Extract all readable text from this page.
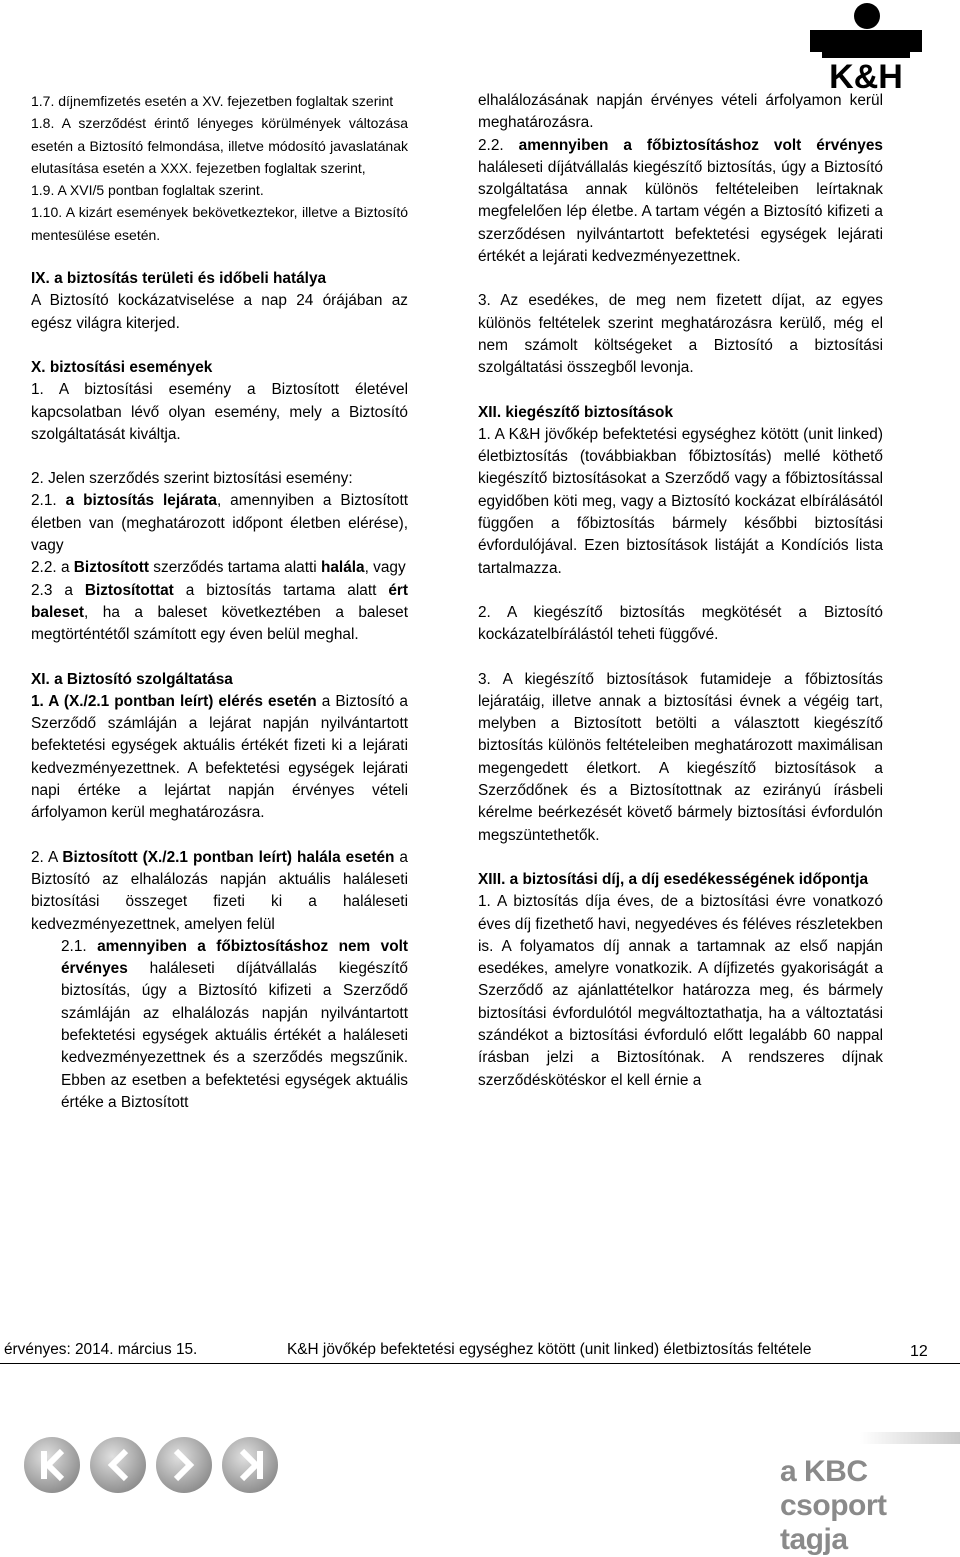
K&H

1.7. díjnemfizetés esetén a XV. fejezetben foglaltak szerint

1.8. A szerződést érintő lényeges körülmények változása esetén a Biztosító felmondása, illetve módosító javaslatának elutasítása esetén a XXX. fejezetben foglaltak szerint,

1.9. A XVI/5 pontban foglaltak szerint.

1.10. A kizárt események bekövetkeztekor, illetve a Biztosító mentesülése esetén.

IX. a biztosítás területi és időbeli hatálya

A Biztosító kockázatviselése a nap 24 órájában az egész világra kiterjed.

X. biztosítási események

1. A biztosítási esemény a Biztosított életével kapcsolatban lévő olyan esemény, mely a Biztosító szolgáltatását kiváltja.

2. Jelen szerződés szerint biztosítási esemény:

2.1. a biztosítás lejárata, amennyiben a Biztosított életben van (meghatározott időpont életben elérése), vagy

2.2. a Biztosított szerződés tartama alatti halála, vagy

2.3 a Biztosítottat a biztosítás tartama alatt ért baleset, ha a baleset következtében a baleset megtörténtétől számított egy éven belül meghal.

XI. a Biztosító szolgáltatása

1. A (X./2.1 pontban leírt) elérés esetén a Biztosító a Szerződő számláján a lejárat napján nyilvántartott befektetési egységek aktuális értékét fizeti ki a lejárati kedvezményezettnek. A befektetési egységek lejárati napi értéke a lejártat napján érvényes vételi árfolyamon kerül meghatározásra.

2. A Biztosított (X./2.1 pontban leírt) halála esetén a Biztosító az elhalálozás napján aktuális haláleseti biztosítási összeget fizeti ki a haláleseti kedvezményezettnek, amelyen felül

2.1. amennyiben a főbiztosításhoz nem volt érvényes haláleseti díjátvállalás kiegészítő biztosítás, úgy a Biztosító kifizeti a Szerződő számláján az elhalálozás napján nyilvántartott befektetési egységek aktuális értékét a haláleseti kedvezményezettnek és a szerződés megszűnik. Ebben az esetben a befektetési egységek aktuális értéke a Biztosított

elhalálozásának napján érvényes vételi árfolyamon kerül meghatározásra.

2.2. amennyiben a főbiztosításhoz volt érvényes haláleseti díjátvállalás kiegészítő biztosítás, úgy a Biztosító szolgáltatása annak különös feltételeiben leírtaknak megfelelően lép életbe. A tartam végén a Biztosító kifizeti a szerződésen nyilvántartott befektetési egységek lejárati értékét a lejárati kedvezményezettnek.

3. Az esedékes, de meg nem fizetett díjat, az egyes különös feltételek szerint meghatározásra kerülő, még el nem számolt költségeket a Biztosító a biztosítási szolgáltatási összegből levonja.

XII. kiegészítő biztosítások

1. A K&H jövőkép befektetési egységhez kötött (unit linked) életbiztosítás (továbbiakban főbiztosítás) mellé köthető kiegészítő biztosításokat a Szerződő vagy a főbiztosítással egyidőben köti meg, vagy a Biztosító kockázat elbírálásától függően a főbiztosítás bármely későbbi biztosítási évfordulójával. Ezen biztosítások listáját a Kondíciós lista tartalmazza.

2. A kiegészítő biztosítás megkötését a Biztosító kockázatelbírálástól teheti függővé.

3. A kiegészítő biztosítások futamideje a főbiztosítás lejáratáig, illetve annak a biztosítási évnek a végéig tart, melyben a Biztosított betölti a választott kiegészítő biztosítás különös feltételeiben meghatározott maximálisan megengedett életkort. A kiegészítő biztosítások a Szerződőnek és a Biztosítottnak az ezirányú írásbeli kérelme beérkezését követő bármely biztosítási évfordulón megszüntethetők.

XIII. a biztosítási díj, a díj esedékességének időpontja

1. A biztosítás díja éves, de a biztosítási évre vonatkozó éves díj fizethető havi, negyedéves és féléves részletekben is. A folyamatos díj annak a tartamnak az első napján esedékes, amelyre vonatkozik. A díjfizetés gyakoriságát a Szerződő az ajánlattételkor határozza meg, és bármely biztosítási évfordulótól megváltoztathatja, ha a változtatási szándékot a biztosítási évforduló előtt legalább 60 nappal írásban jelzi a Biztosítónak. A rendszeres díjnak szerződéskötéskor el kell érnie a

érvényes: 2014. március 15.	K&H jövőkép befektetési egységhez kötött (unit linked) életbiztosítás feltétele	12
a KBC csoport tagja
